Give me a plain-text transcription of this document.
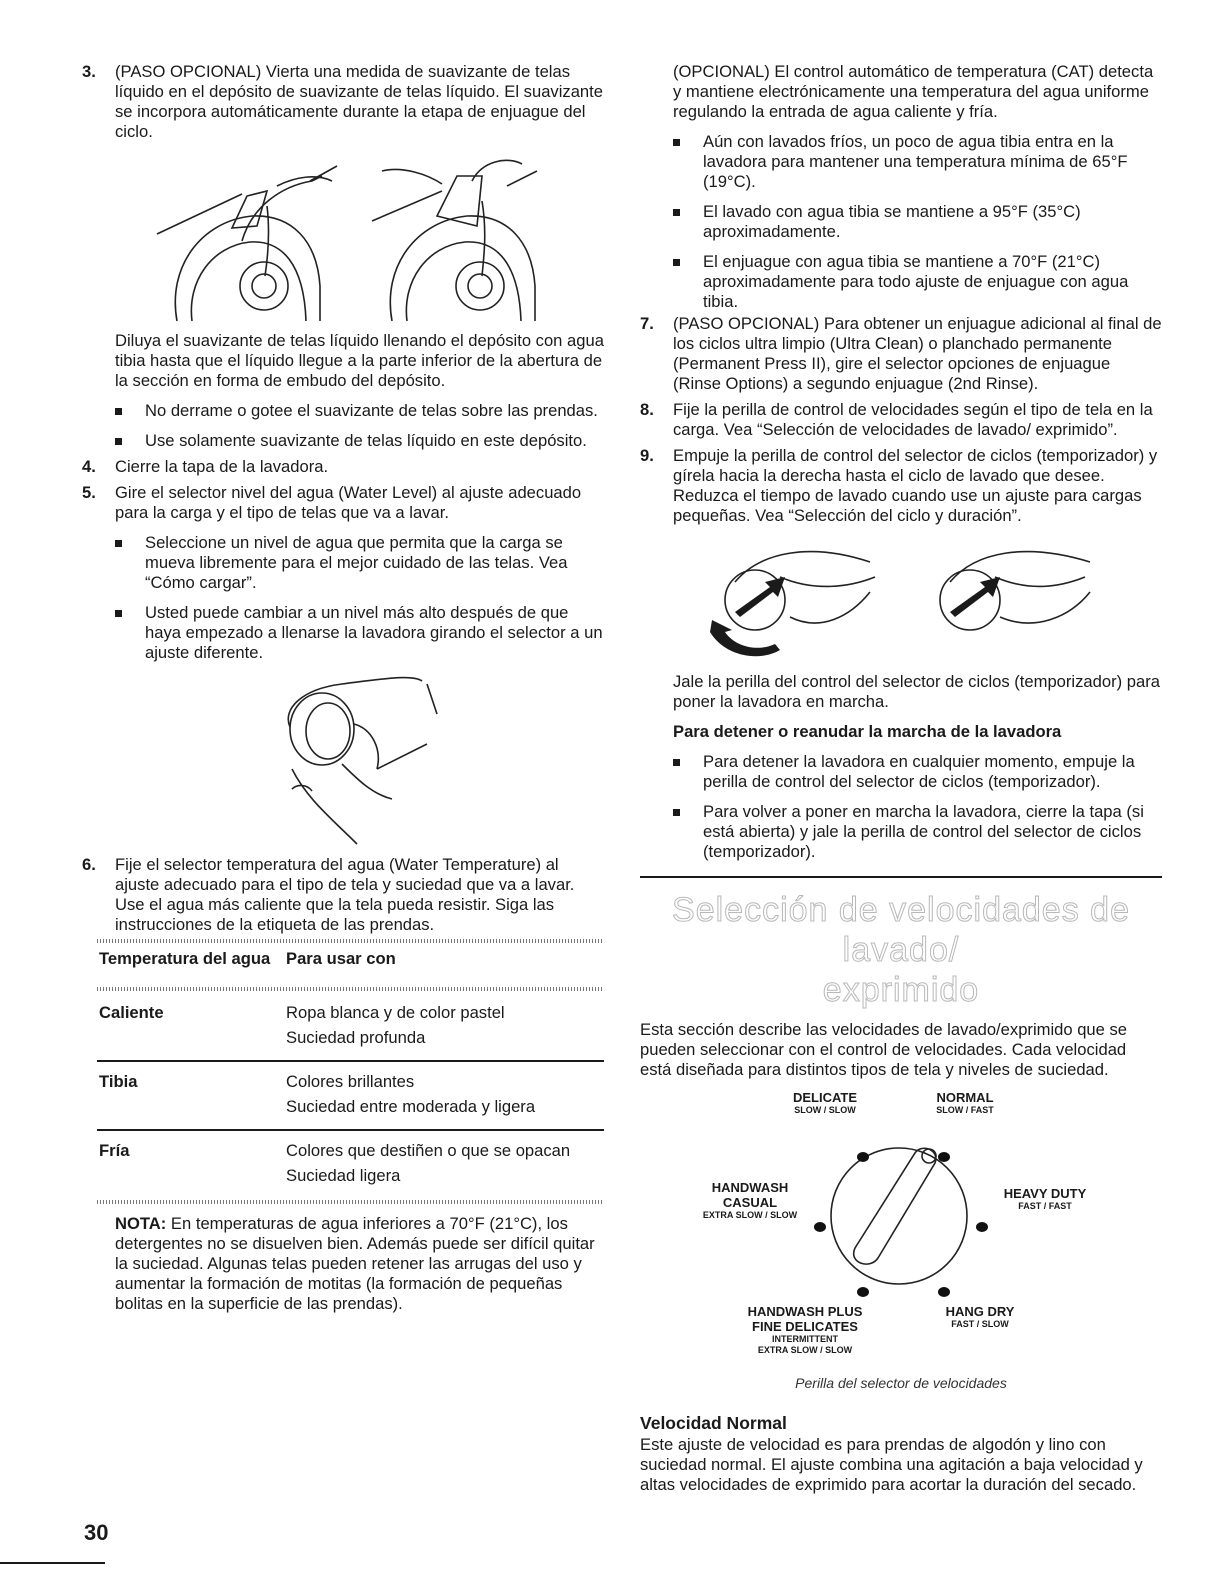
3. (PASO OPCIONAL) Vierta una medida de suavizante de telas líquido en el depósito de suavizante de telas líquido. El suavizante se incorpora automáticamente durante la etapa de enjuague del ciclo.

Diluya el suavizante de telas líquido llenando el depósito con agua tibia hasta que el líquido llegue a la parte inferior de la abertura de la sección en forma de embudo del depósito.

No derrame o gotee el suavizante de telas sobre las prendas.
Use solamente suavizante de telas líquido en este depósito.
4. Cierre la tapa de la lavadora.

5. Gire el selector nivel del agua (Water Level) al ajuste adecuado para la carga y el tipo de telas que va a lavar.

Seleccione un nivel de agua que permita que la carga se mueva libremente para el mejor cuidado de las telas. Vea “Cómo cargar”.
Usted puede cambiar a un nivel más alto después de que haya empezado a llenarse la lavadora girando el selector a un ajuste diferente.
6. Fije el selector temperatura del agua (Water Temperature) al ajuste adecuado para el tipo de tela y suciedad que va a lavar. Use el agua más caliente que la tela pueda resistir. Siga las instrucciones de la etiqueta de las prendas.

Temperatura del agua	Para usar con
Caliente	Ropa blanca y de color pastel
Suciedad profunda
Tibia	Colores brillantes
Suciedad entre moderada y ligera
Fría	Colores que destiñen o que se opacan
Suciedad ligera

NOTA: En temperaturas de agua inferiores a 70°F (21°C), los detergentes no se disuelven bien. Además puede ser difícil quitar la suciedad. Algunas telas pueden retener las arrugas del uso y aumentar la formación de motitas (la formación de pequeñas bolitas en la superficie de las prendas).

(OPCIONAL) El control automático de temperatura (CAT) detecta y mantiene electrónicamente una temperatura del agua uniforme regulando la entrada de agua caliente y fría.

Aún con lavados fríos, un poco de agua tibia entra en la lavadora para mantener una temperatura mínima de 65°F (19°C).
El lavado con agua tibia se mantiene a 95°F (35°C) aproximadamente.
El enjuague con agua tibia se mantiene a 70°F (21°C) aproximadamente para todo ajuste de enjuague con agua tibia.
7. (PASO OPCIONAL) Para obtener un enjuague adicional al final de los ciclos ultra limpio (Ultra Clean) o planchado permanente (Permanent Press II), gire el selector opciones de enjuague (Rinse Options) a segundo enjuague (2nd Rinse).

8. Fije la perilla de control de velocidades según el tipo de tela en la carga. Vea “Selección de velocidades de lavado/ exprimido”.

9. Empuje la perilla de control del selector de ciclos (temporizador) y gírela hacia la derecha hasta el ciclo de lavado que desee. Reduzca el tiempo de lavado cuando use un ajuste para cargas pequeñas. Vea “Selección del ciclo y duración”.

Jale la perilla del control del selector de ciclos (temporizador) para poner la lavadora en marcha.

Para detener o reanudar la marcha de la lavadora

Para detener la lavadora en cualquier momento, empuje la perilla de control del selector de ciclos (temporizador).
Para volver a poner en marcha la lavadora, cierre la tapa (si está abierta) y jale la perilla de control del selector de ciclos (temporizador).

Selección de velocidades de lavado/

exprimido

Esta sección describe las velocidades de lavado/exprimido que se pueden seleccionar con el control de velocidades. Cada velocidad está diseñada para distintos tipos de tela y niveles de suciedad.

DELICATE
SLOW / SLOW
NORMAL
SLOW / FAST
HANDWASH
CASUAL
EXTRA SLOW / SLOW
HEAVY DUTY
FAST / FAST
HANDWASH PLUS
FINE DELICATES
INTERMITTENT
EXTRA SLOW / SLOW
HANG DRY
FAST / SLOW

Perilla del selector de velocidades

Velocidad Normal

Este ajuste de velocidad es para prendas de algodón y lino con suciedad normal. El ajuste combina una agitación a baja velocidad y altas velocidades de exprimido para acortar la duración del secado.

30
